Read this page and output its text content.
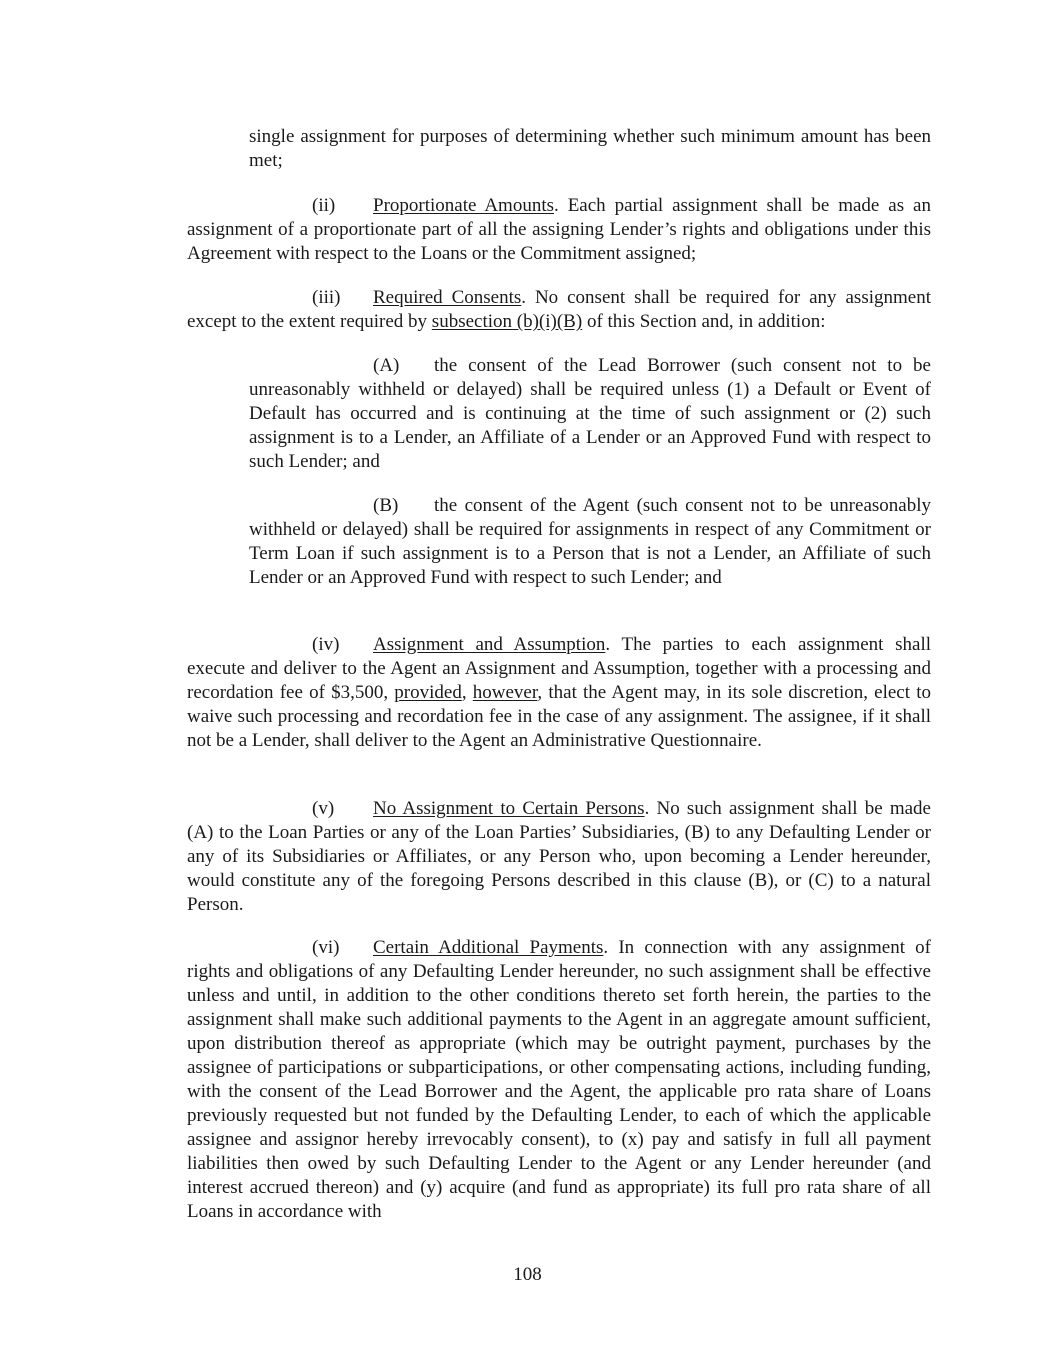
single assignment for purposes of determining whether such minimum amount has been met;

(ii) Proportionate Amounts. Each partial assignment shall be made as an assignment of a proportionate part of all the assigning Lender’s rights and obligations under this Agreement with respect to the Loans or the Commitment assigned;

(iii) Required Consents. No consent shall be required for any assignment except to the extent required by subsection (b)(i)(B) of this Section and, in addition:

(A) the consent of the Lead Borrower (such consent not to be unreasonably withheld or delayed) shall be required unless (1) a Default or Event of Default has occurred and is continuing at the time of such assignment or (2) such assignment is to a Lender, an Affiliate of a Lender or an Approved Fund with respect to such Lender; and

(B) the consent of the Agent (such consent not to be unreasonably withheld or delayed) shall be required for assignments in respect of any Commitment or Term Loan if such assignment is to a Person that is not a Lender, an Affiliate of such Lender or an Approved Fund with respect to such Lender; and

(iv) Assignment and Assumption. The parties to each assignment shall execute and deliver to the Agent an Assignment and Assumption, together with a processing and recordation fee of $3,500, provided, however, that the Agent may, in its sole discretion, elect to waive such processing and recordation fee in the case of any assignment. The assignee, if it shall not be a Lender, shall deliver to the Agent an Administrative Questionnaire.

(v) No Assignment to Certain Persons. No such assignment shall be made (A) to the Loan Parties or any of the Loan Parties’ Subsidiaries, (B) to any Defaulting Lender or any of its Subsidiaries or Affiliates, or any Person who, upon becoming a Lender hereunder, would constitute any of the foregoing Persons described in this clause (B), or (C) to a natural Person.

(vi) Certain Additional Payments. In connection with any assignment of rights and obligations of any Defaulting Lender hereunder, no such assignment shall be effective unless and until, in addition to the other conditions thereto set forth herein, the parties to the assignment shall make such additional payments to the Agent in an aggregate amount sufficient, upon distribution thereof as appropriate (which may be outright payment, purchases by the assignee of participations or subparticipations, or other compensating actions, including funding, with the consent of the Lead Borrower and the Agent, the applicable pro rata share of Loans previously requested but not funded by the Defaulting Lender, to each of which the applicable assignee and assignor hereby irrevocably consent), to (x) pay and satisfy in full all payment liabilities then owed by such Defaulting Lender to the Agent or any Lender hereunder (and interest accrued thereon) and (y) acquire (and fund as appropriate) its full pro rata share of all Loans in accordance with

108
